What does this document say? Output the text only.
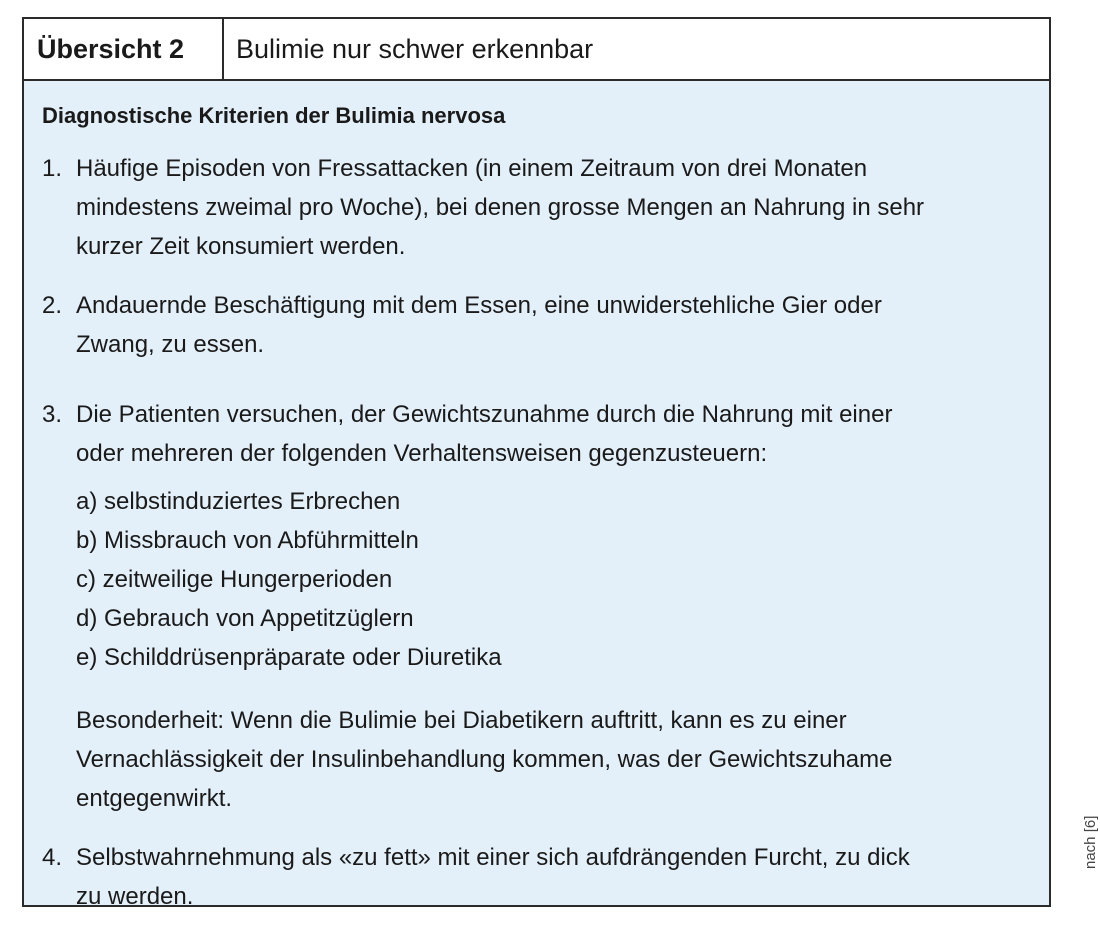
Übersicht 2	Bulimie nur schwer erkennbar
Diagnostische Kriterien der Bulimia nervosa
1. Häufige Episoden von Fressattacken (in einem Zeitraum von drei Monaten
mindestens zweimal pro Woche), bei denen grosse Mengen an Nahrung in sehr
kurzer Zeit konsumiert werden.
2. Andauernde Beschäftigung mit dem Essen, eine unwiderstehliche Gier oder
Zwang, zu essen.
3. Die Patienten versuchen, der Gewichtszunahme durch die Nahrung mit einer
oder mehreren der folgenden Verhaltensweisen gegenzusteuern:
a) selbstinduziertes Erbrechen
b) Missbrauch von Abführmitteln
c) zeitweilige Hungerperioden
d) Gebrauch von Appetitzüglern
e) Schilddrüsenpräparate oder Diuretika
Besonderheit: Wenn die Bulimie bei Diabetikern auftritt, kann es zu einer
Vernachlässigkeit der Insulinbehandlung kommen, was der Gewichtszuhame
entgegenwirkt.
4. Selbstwahrnehmung als «zu fett» mit einer sich aufdrängenden Furcht, zu dick
zu werden.
nach [6]
